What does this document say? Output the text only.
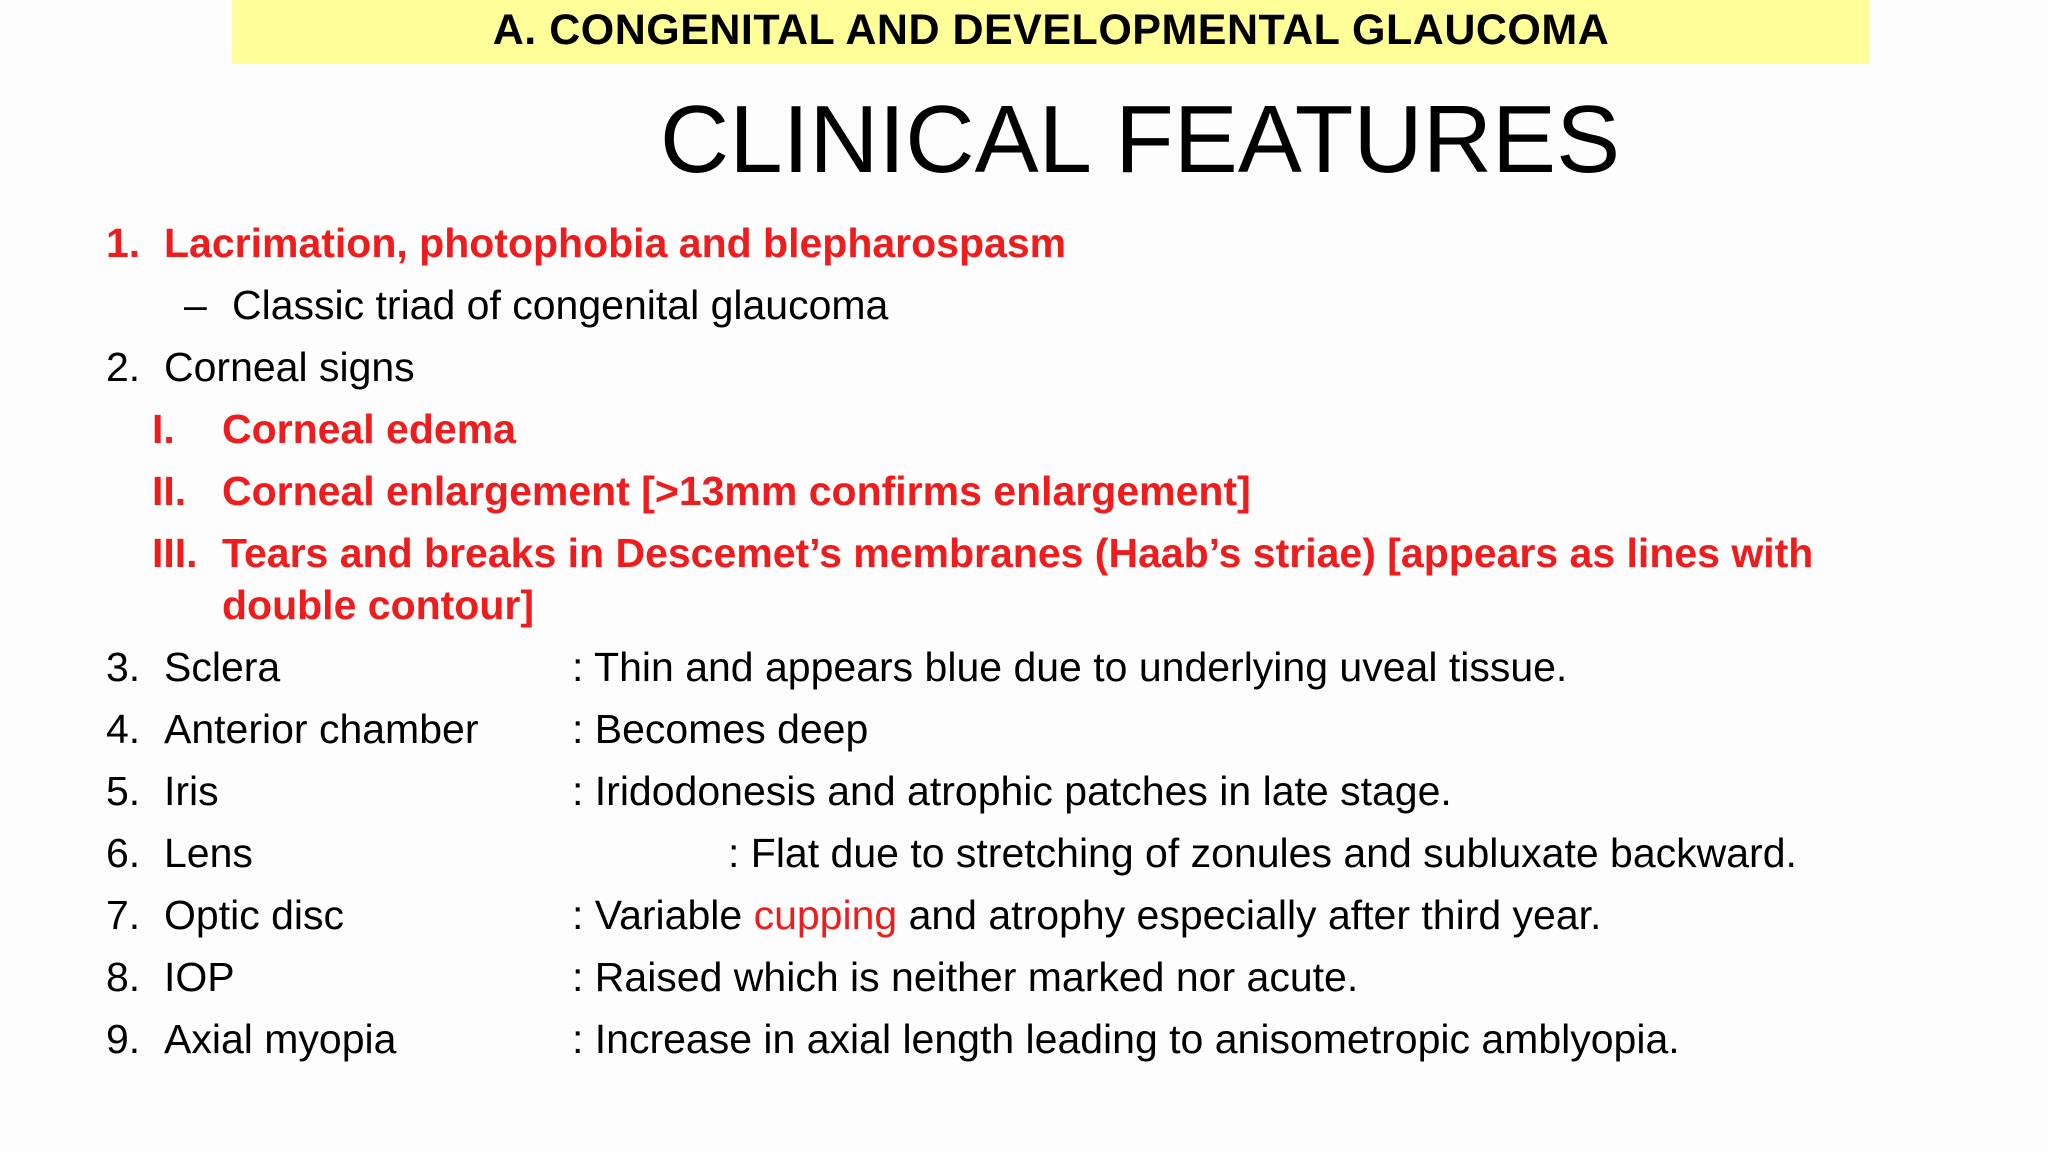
A. CONGENITAL AND DEVELOPMENTAL GLAUCOMA
CLINICAL FEATURES
1. Lacrimation, photophobia and blepharospasm
– Classic triad of congenital glaucoma
2. Corneal signs
I. Corneal edema
II. Corneal enlargement [>13mm confirms enlargement]
III. Tears and breaks in Descemet’s membranes (Haab’s striae) [appears as lines with
double contour]
3. Sclera	: Thin and appears blue due to underlying uveal tissue.
4. Anterior chamber : Becomes deep
5. Iris	: Iridodonesis and atrophic patches in late stage.
6. Lens	: Flat due to stretching of zonules and subluxate backward.
7. Optic disc	: Variable cupping and atrophy especially after third year.
8. IOP	: Raised which is neither marked nor acute.
9. Axial myopia	: Increase in axial length leading to anisometropic amblyopia.
